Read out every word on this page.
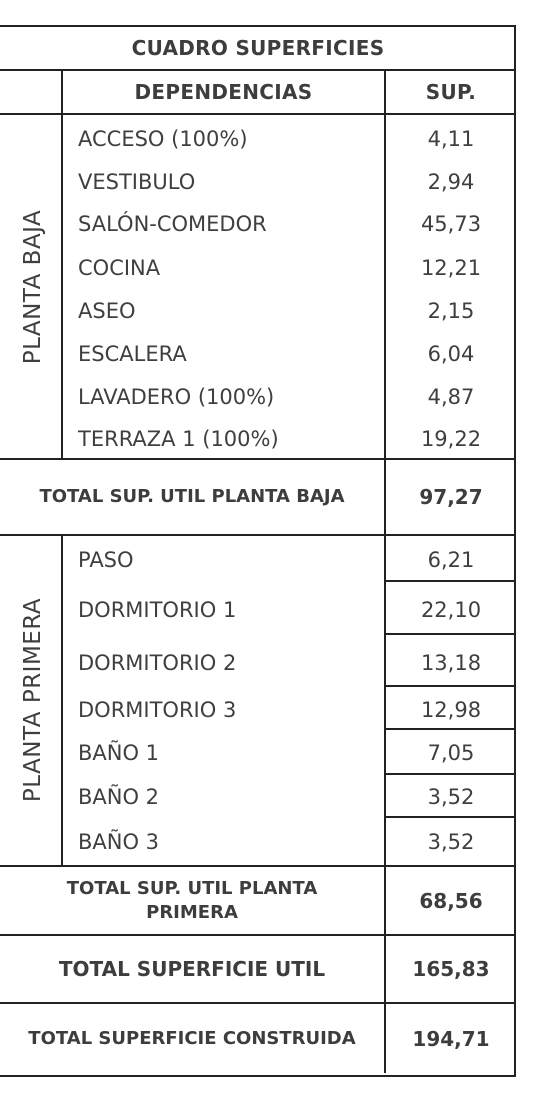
CUADRO SUPERFICIES
DEPENDENCIAS	SUP.
PLANTA BAJA
ACCESO (100%)	4,11
VESTIBULO	2,94
SALÓN-COMEDOR	45,73
COCINA	12,21
ASEO	2,15
ESCALERA	6,04
LAVADERO (100%)	4,87
TERRAZA 1 (100%)	19,22
TOTAL SUP. UTIL PLANTA BAJA	97,27
PLANTA PRIMERA
PASO	6,21
DORMITORIO 1	22,10
DORMITORIO 2	13,18
DORMITORIO 3	12,98
BAÑO 1	7,05
BAÑO 2	3,52
BAÑO 3	3,52
TOTAL SUP. UTIL PLANTA
PRIMERA	68,56
TOTAL SUPERFICIE UTIL	165,83
TOTAL SUPERFICIE CONSTRUIDA	194,71
